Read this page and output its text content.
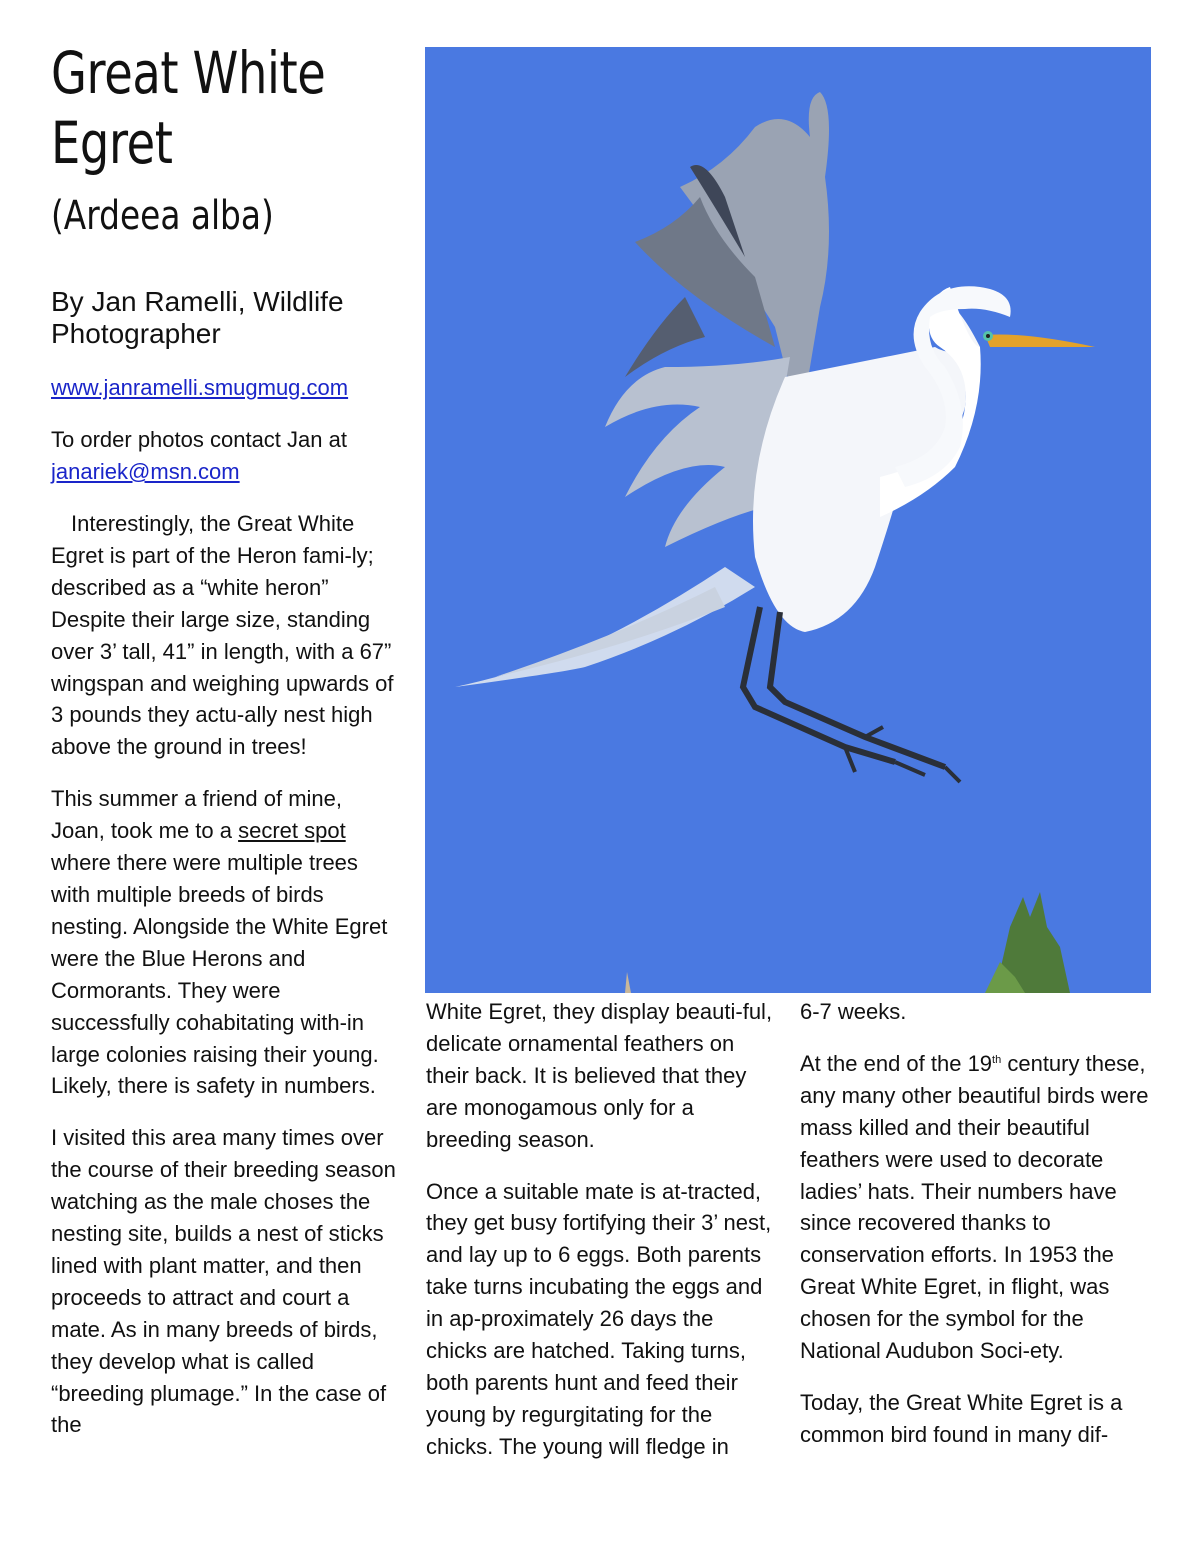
Great White
Egret
(Ardeea alba)
By Jan Ramelli, Wildlife Photographer
www.janramelli.smugmug.com
To order photos contact Jan at
janariek@msn.com

Interestingly, the Great White Egret is part of the Heron fami-ly; described as a “white heron” Despite their large size, standing over 3’ tall, 41” in length, with a 67” wingspan and weighing upwards of 3 pounds they actu-ally nest high above the ground in trees!

This summer a friend of mine, Joan, took me to a secret spot where there were multiple trees with multiple breeds of birds nesting. Alongside the White Egret were the Blue Herons and Cormorants. They were successfully cohabitating with-in large colonies raising their young. Likely, there is safety in numbers.

I visited this area many times over the course of their breeding season watching as the male choses the nesting site, builds a nest of sticks lined with plant matter, and then proceeds to attract and court a mate. As in many breeds of birds, they develop what is called “breeding plumage.” In the case of the

White Egret, they display beauti-ful, delicate ornamental feathers on their back. It is believed that they are monogamous only for a breeding season.

Once a suitable mate is at-tracted, they get busy fortifying their 3’ nest, and lay up to 6 eggs. Both parents take turns incubating the eggs and in ap-proximately 26 days the chicks are hatched. Taking turns, both parents hunt and feed their young by regurgitating for the chicks. The young will fledge in

6-7 weeks.

At the end of the 19th century these, any many other beautiful birds were mass killed and their beautiful feathers were used to decorate ladies’ hats. Their numbers have since recovered thanks to conservation efforts. In 1953 the Great White Egret, in flight, was chosen for the symbol for the National Audubon Soci-ety.

Today, the Great White Egret is a common bird found in many dif-
